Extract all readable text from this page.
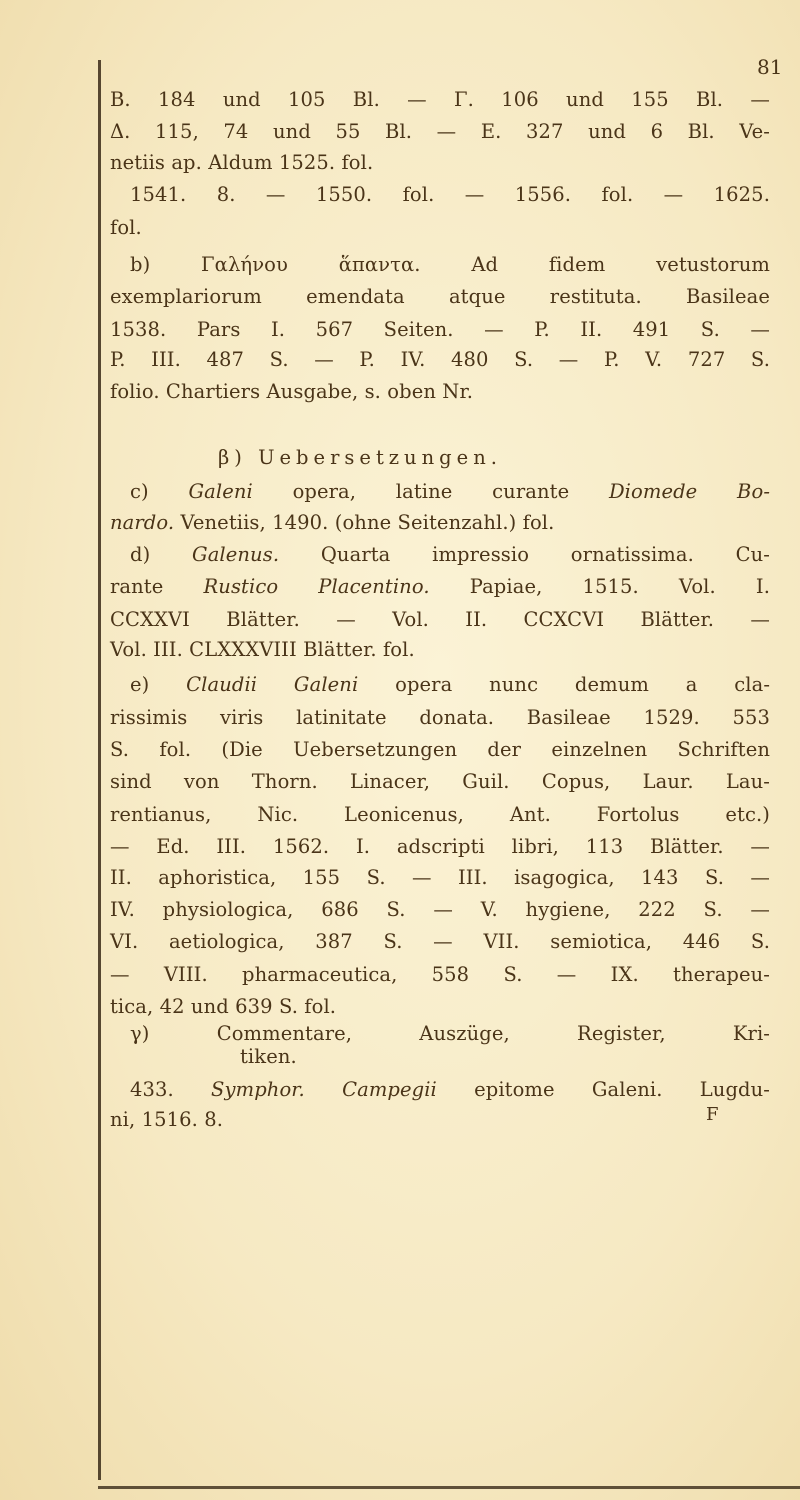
81
B. 184 und 105 Bl. — Γ. 106 und 155 Bl. —
Δ. 115, 74 und 55 Bl. — E. 327 und 6 Bl. Ve-
netiis ap. Aldum 1525. fol.
1541. 8. — 1550. fol. — 1556. fol. — 1625.
fol.
b) Γαλήνου ἅπαντα. Ad fidem vetustorum
exemplariorum emendata atque restituta. Basileae
1538. Pars I. 567 Seiten. — P. II. 491 S. —
P. III. 487 S. — P. IV. 480 S. — P. V. 727 S.
folio. Chartiers Ausgabe, s. oben Nr.
β) Uebersetzungen.
c) Galeni opera, latine curante Diomede Bo-
nardo. Venetiis, 1490. (ohne Seitenzahl.) fol.
d) Galenus. Quarta impressio ornatissima. Cu-
rante Rustico Placentino. Papiae, 1515. Vol. I.
CCXXVI Blätter. — Vol. II. CCXCVI Blätter. —
Vol. III. CLXXXVIII Blätter. fol.
e) Claudii Galeni opera nunc demum a cla-
rissimis viris latinitate donata. Basileae 1529. 553
S. fol. (Die Uebersetzungen der einzelnen Schriften
sind von Thorn. Linacer, Guil. Copus, Laur. Lau-
rentianus, Nic. Leonicenus, Ant. Fortolus etc.)
— Ed. III. 1562. I. adscripti libri, 113 Blätter. —
II. aphoristica, 155 S. — III. isagogica, 143 S. —
IV. physiologica, 686 S. — V. hygiene, 222 S. —
VI. aetiologica, 387 S. — VII. semiotica, 446 S.
— VIII. pharmaceutica, 558 S. — IX. therapeu-
tica, 42 und 639 S. fol.
γ) Commentare, Auszüge, Register, Kri-
tiken.
433. Symphor. Campegii epitome Galeni. Lugdu-
ni, 1516. 8.	F
